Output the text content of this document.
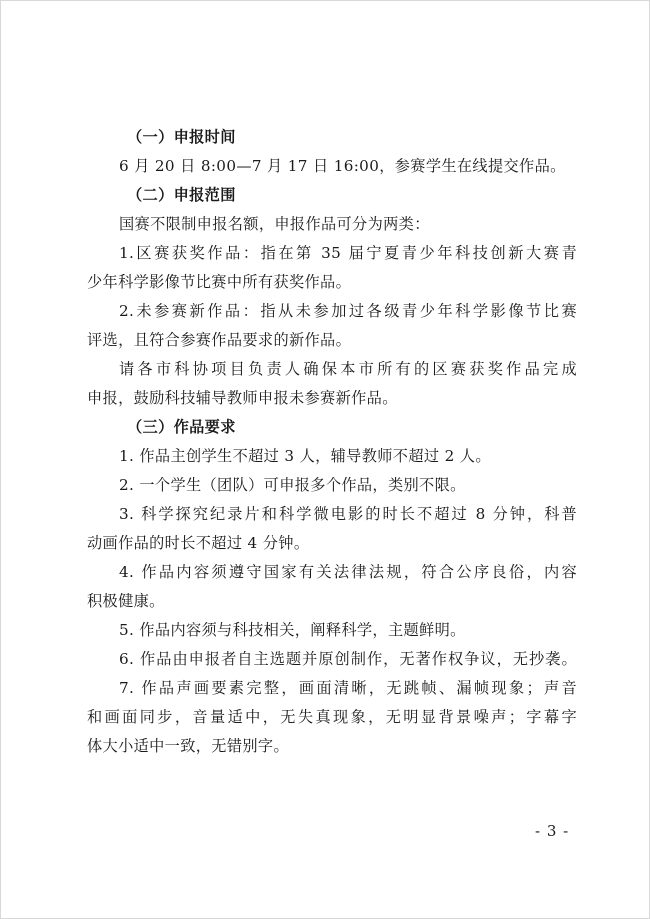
（一）申报时间
6 月 20 日 8:00—7 月 17 日 16:00，参赛学生在线提交作品。
（二）申报范围
国赛不限制申报名额，申报作品可分为两类：
1.区赛获奖作品：指在第 35 届宁夏青少年科技创新大赛青
少年科学影像节比赛中所有获奖作品。
2.未参赛新作品：指从未参加过各级青少年科学影像节比赛
评选，且符合参赛作品要求的新作品。
请各市科协项目负责人确保本市所有的区赛获奖作品完成
申报，鼓励科技辅导教师申报未参赛新作品。
（三）作品要求
1. 作品主创学生不超过 3 人，辅导教师不超过 2 人。
2. 一个学生（团队）可申报多个作品，类别不限。
3. 科学探究纪录片和科学微电影的时长不超过 8 分钟，科普
动画作品的时长不超过 4 分钟。
4. 作品内容须遵守国家有关法律法规，符合公序良俗，内容
积极健康。
5. 作品内容须与科技相关，阐释科学，主题鲜明。
6. 作品由申报者自主选题并原创制作，无著作权争议，无抄袭。
7. 作品声画要素完整，画面清晰，无跳帧、漏帧现象；声音
和画面同步，音量适中，无失真现象，无明显背景噪声；字幕字
体大小适中一致，无错别字。
- 3 -
